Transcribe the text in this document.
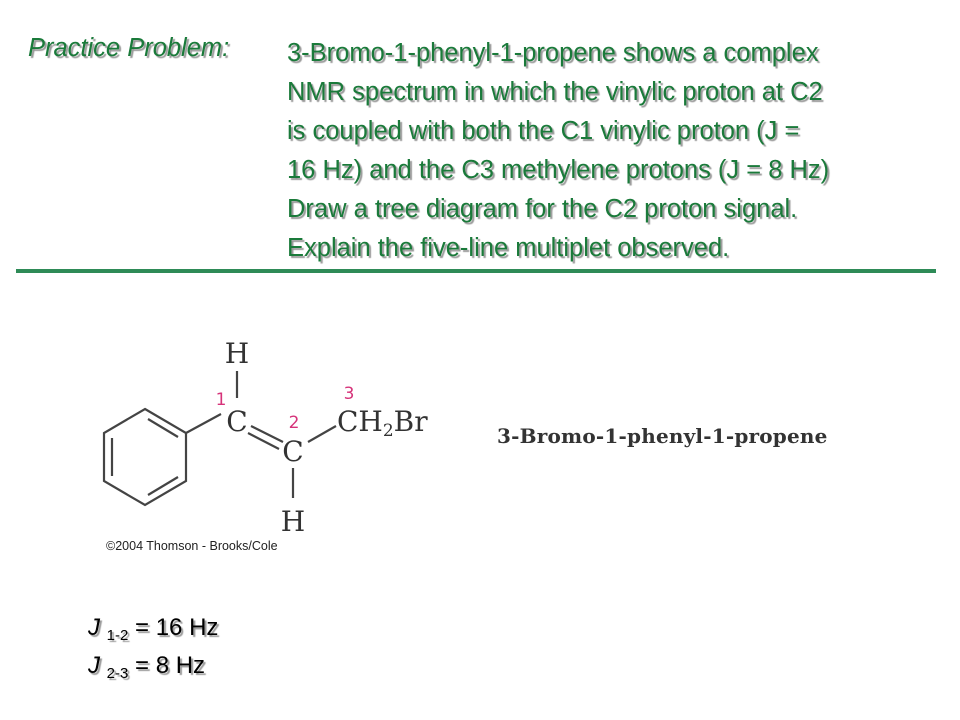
Practice Problem: 3-Bromo-1-phenyl-1-propene shows a complex
NMR spectrum in which the vinylic proton at C2
is coupled with both the C1 vinylic proton (J =
16 Hz) and the C3 methylene protons (J = 8 Hz)
Draw a tree diagram for the C2 proton signal.
Explain the five-line multiplet observed.
H
C
C
H
CH2Br
1
2
3
3-Bromo-1-phenyl-1-propene
©2004 Thomson - Brooks/Cole
J $_{1-2}$ = 16 Hz
J $_{2-3}$ = 8 Hz
